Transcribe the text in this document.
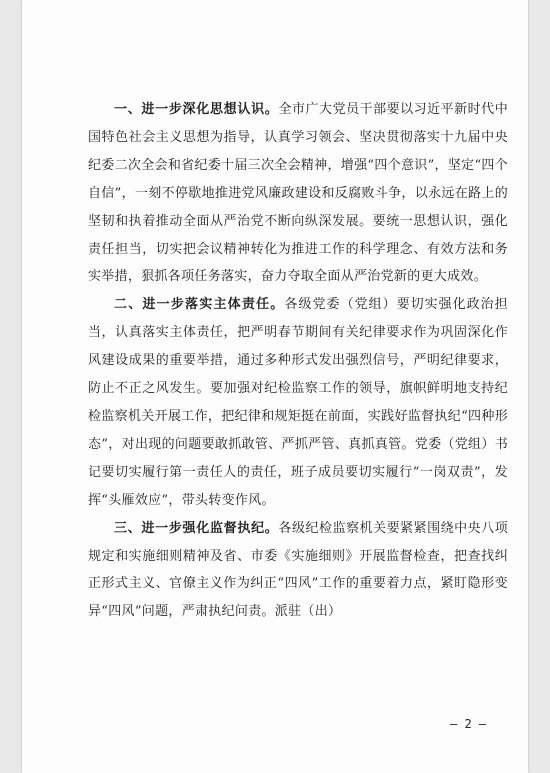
一、进一步深化思想认识。全市广大党员干部要以习近平新时代中国特色社会主义思想为指导，认真学习领会、坚决贯彻落实十九届中央纪委二次全会和省纪委十届三次全会精神，增强“四个意识”，坚定“四个自信”，一刻不停歇地推进党风廉政建设和反腐败斗争，以永远在路上的坚韧和执着推动全面从严治党不断向纵深发展。要统一思想认识，强化责任担当，切实把会议精神转化为推进工作的科学理念、有效方法和务实举措，狠抓各项任务落实，奋力夺取全面从严治党新的更大成效。

二、进一步落实主体责任。各级党委（党组）要切实强化政治担当，认真落实主体责任，把严明春节期间有关纪律要求作为巩固深化作风建设成果的重要举措，通过多种形式发出强烈信号，严明纪律要求，防止不正之风发生。要加强对纪检监察工作的领导，旗帜鲜明地支持纪检监察机关开展工作，把纪律和规矩挺在前面，实践好监督执纪“四种形态”，对出现的问题要敢抓敢管、严抓严管、真抓真管。党委（党组）书记要切实履行第一责任人的责任，班子成员要切实履行“一岗双责”，发挥“头雁效应”，带头转变作风。

三、进一步强化监督执纪。各级纪检监察机关要紧紧围绕中央八项规定和实施细则精神及省、市委《实施细则》开展监督检查，把查找纠正形式主义、官僚主义作为纠正“四风”工作的重要着力点，紧盯隐形变异“四风”问题，严肃执纪问责。派驻（出）

— 2 —
